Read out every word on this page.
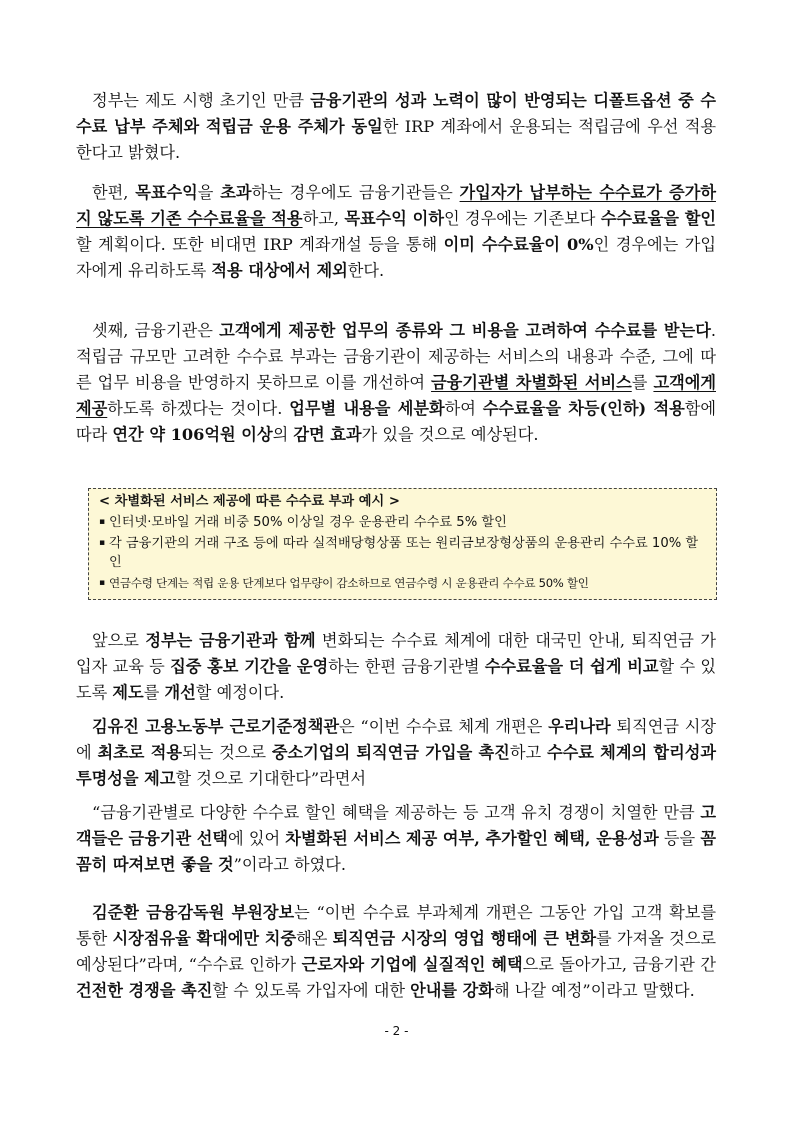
정부는 제도 시행 초기인 만큼 금융기관의 성과 노력이 많이 반영되는 디폴트옵션 중 수수료 납부 주체와 적립금 운용 주체가 동일한 IRP 계좌에서 운용되는 적립금에 우선 적용한다고 밝혔다.

한편, 목표수익을 초과하는 경우에도 금융기관들은 가입자가 납부하는 수수료가 증가하지 않도록 기존 수수료율을 적용하고, 목표수익 이하인 경우에는 기존보다 수수료율을 할인할 계획이다. 또한 비대면 IRP 계좌개설 등을 통해 이미 수수료율이 0%인 경우에는 가입자에게 유리하도록 적용 대상에서 제외한다.

셋째, 금융기관은 고객에게 제공한 업무의 종류와 그 비용을 고려하여 수수료를 받는다. 적립금 규모만 고려한 수수료 부과는 금융기관이 제공하는 서비스의 내용과 수준, 그에 따른 업무 비용을 반영하지 못하므로 이를 개선하여 금융기관별 차별화된 서비스를 고객에게 제공하도록 하겠다는 것이다. 업무별 내용을 세분화하여 수수료율을 차등(인하) 적용함에 따라 연간 약 106억원 이상의 감면 효과가 있을 것으로 예상된다.

< 차별화된 서비스 제공에 따른 수수료 부과 예시 >
▪ 인터넷·모바일 거래 비중 50% 이상일 경우 운용관리 수수료 5% 할인
▪ 각 금융기관의 거래 구조 등에 따라 실적배당형상품 또는 원리금보장형상품의 운용관리 수수료 10% 할인
▪ 연금수령 단계는 적립 운용 단계보다 업무량이 감소하므로 연금수령 시 운용관리 수수료 50% 할인

앞으로 정부는 금융기관과 함께 변화되는 수수료 체계에 대한 대국민 안내, 퇴직연금 가입자 교육 등 집중 홍보 기간을 운영하는 한편 금융기관별 수수료율을 더 쉽게 비교할 수 있도록 제도를 개선할 예정이다.

김유진 고용노동부 근로기준정책관은 “이번 수수료 체계 개편은 우리나라 퇴직연금 시장에 최초로 적용되는 것으로 중소기업의 퇴직연금 가입을 촉진하고 수수료 체계의 합리성과 투명성을 제고할 것으로 기대한다”라면서

“금융기관별로 다양한 수수료 할인 혜택을 제공하는 등 고객 유치 경쟁이 치열한 만큼 고객들은 금융기관 선택에 있어 차별화된 서비스 제공 여부, 추가할인 혜택, 운용성과 등을 꼼꼼히 따져보면 좋을 것”이라고 하였다.

김준환 금융감독원 부원장보는 “이번 수수료 부과체계 개편은 그동안 가입 고객 확보를 통한 시장점유율 확대에만 치중해온 퇴직연금 시장의 영업 행태에 큰 변화를 가져올 것으로 예상된다”라며, “수수료 인하가 근로자와 기업에 실질적인 혜택으로 돌아가고, 금융기관 간 건전한 경쟁을 촉진할 수 있도록 가입자에 대한 안내를 강화해 나갈 예정”이라고 말했다.

- 2 -
